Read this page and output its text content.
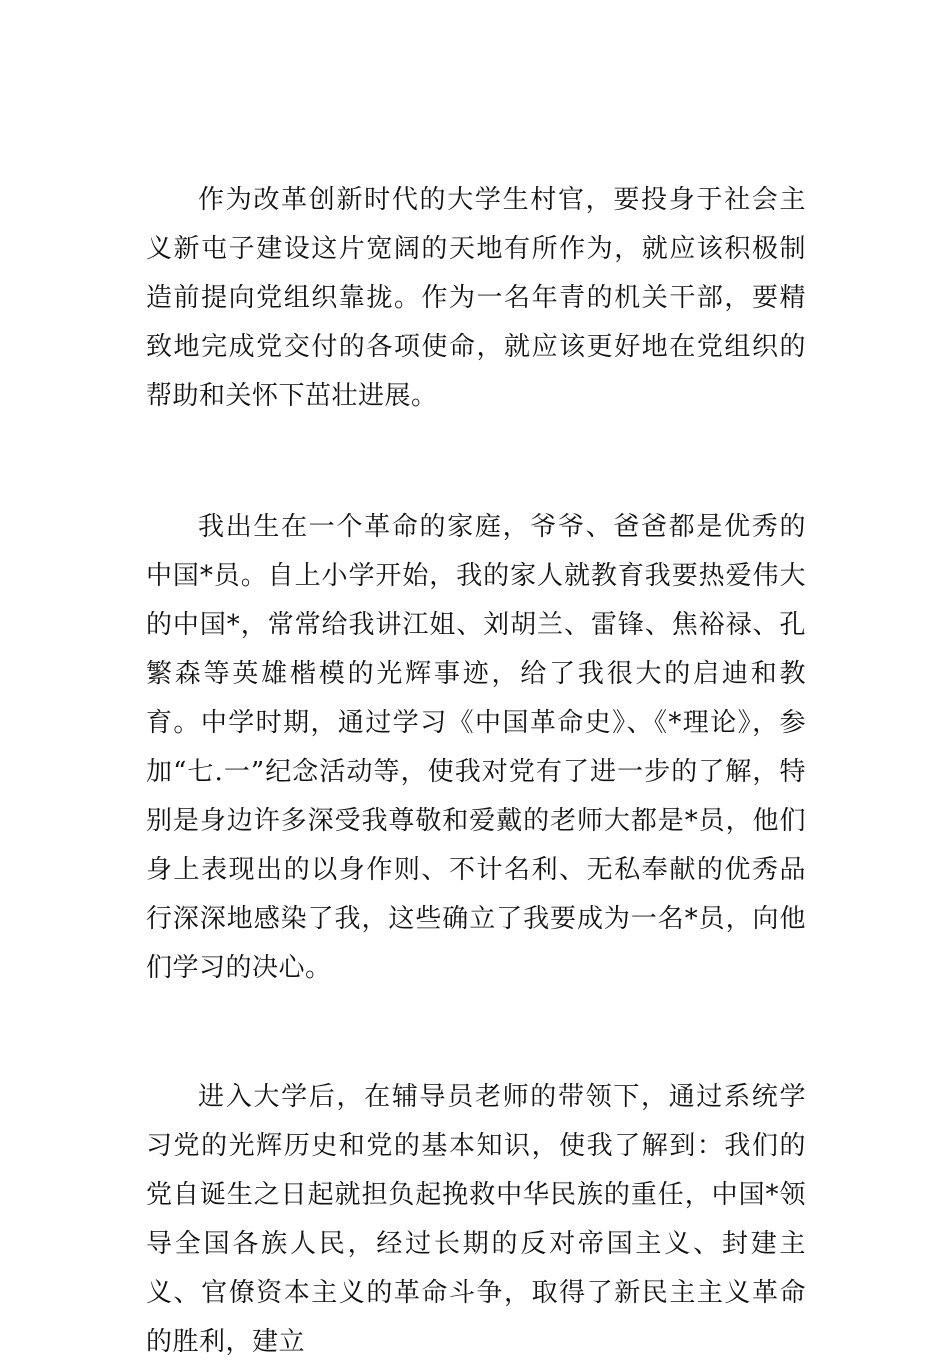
作为改革创新时代的大学生村官，要投身于社会主义新屯子建设这片宽阔的天地有所作为，就应该积极制造前提向党组织靠拢。作为一名年青的机关干部，要精致地完成党交付的各项使命，就应该更好地在党组织的帮助和关怀下茁壮进展。

我出生在一个革命的家庭，爷爷、爸爸都是优秀的中国*员。自上小学开始，我的家人就教育我要热爱伟大的中国*，常常给我讲江姐、刘胡兰、雷锋、焦裕禄、孔繁森等英雄楷模的光辉事迹，给了我很大的启迪和教育。中学时期，通过学习《中国革命史》、《*理论》，参加“七.一”纪念活动等，使我对党有了进一步的了解，特别是身边许多深受我尊敬和爱戴的老师大都是*员，他们身上表现出的以身作则、不计名利、无私奉献的优秀品行深深地感染了我，这些确立了我要成为一名*员，向他们学习的决心。

进入大学后，在辅导员老师的带领下，通过系统学习党的光辉历史和党的基本知识，使我了解到：我们的党自诞生之日起就担负起挽救中华民族的重任，中国*领导全国各族人民，经过长期的反对帝国主义、封建主义、官僚资本主义的革命斗争，取得了新民主主义革命的胜利，建立
